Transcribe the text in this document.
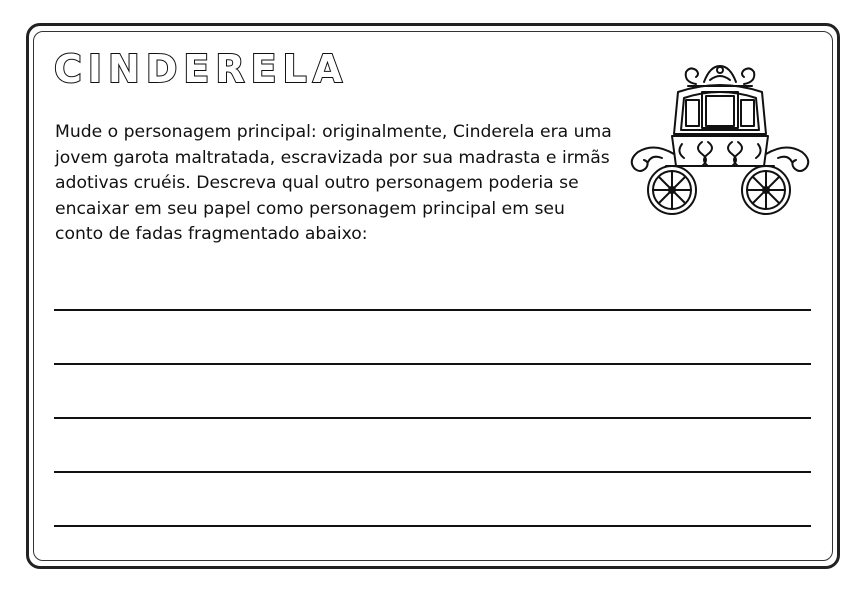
CINDERELA

Mude o personagem principal: originalmente, Cinderela era uma jovem garota maltratada, escravizada por sua madrasta e irmãs adotivas cruéis. Descreva qual outro personagem poderia se encaixar em seu papel como personagem principal em seu conto de fadas fragmentado abaixo:
